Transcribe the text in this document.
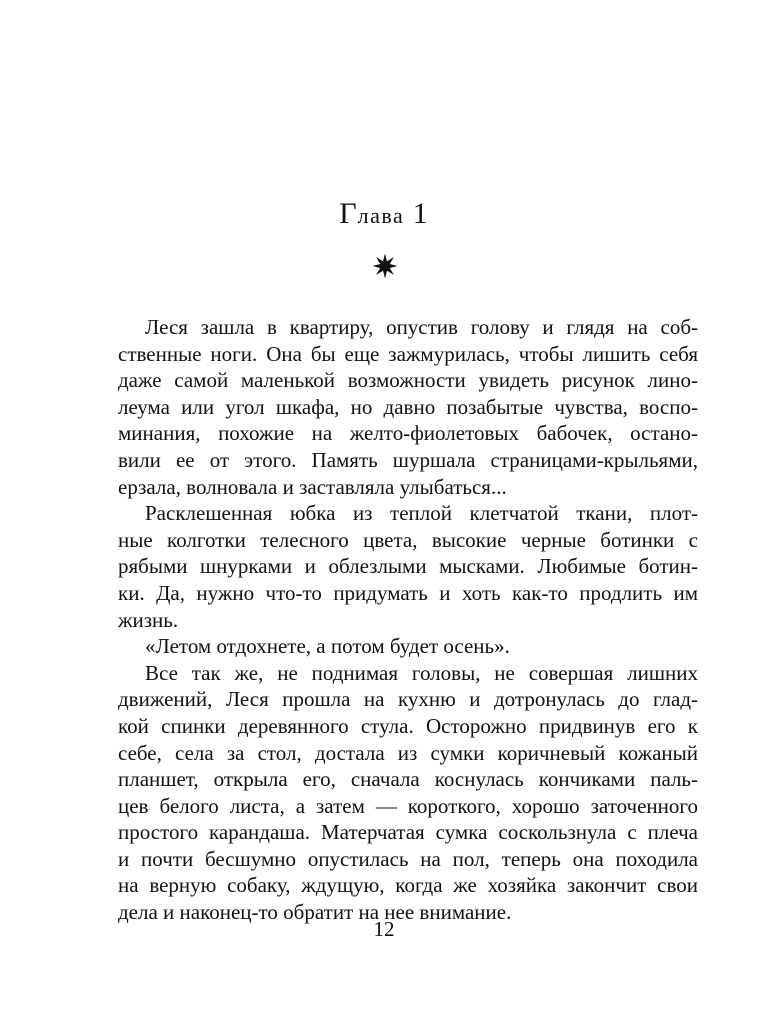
Глава 1
Леся зашла в квартиру, опустив голову и глядя на соб-
ственные ноги. Она бы еще зажмурилась, чтобы лишить себя
даже самой маленькой возможности увидеть рисунок лино-
леума или угол шкафа, но давно позабытые чувства, воспо-
минания, похожие на желто-фиолетовых бабочек, остано-
вили ее от этого. Память шуршала страницами-крыльями,
ерзала, волновала и заставляла улыбаться...
Расклешенная юбка из теплой клетчатой ткани, плот-
ные колготки телесного цвета, высокие черные ботинки с
рябыми шнурками и облезлыми мысками. Любимые ботин-
ки. Да, нужно что-то придумать и хоть как-то продлить им
жизнь.
«Летом отдохнете, а потом будет осень».
Все так же, не поднимая головы, не совершая лишних
движений, Леся прошла на кухню и дотронулась до глад-
кой спинки деревянного стула. Осторожно придвинув его к
себе, села за стол, достала из сумки коричневый кожаный
планшет, открыла его, сначала коснулась кончиками паль-
цев белого листа, а затем — короткого, хорошо заточенного
простого карандаша. Матерчатая сумка соскользнула с плеча
и почти бесшумно опустилась на пол, теперь она походила
на верную собаку, ждущую, когда же хозяйка закончит свои
дела и наконец-то обратит на нее внимание.
12
